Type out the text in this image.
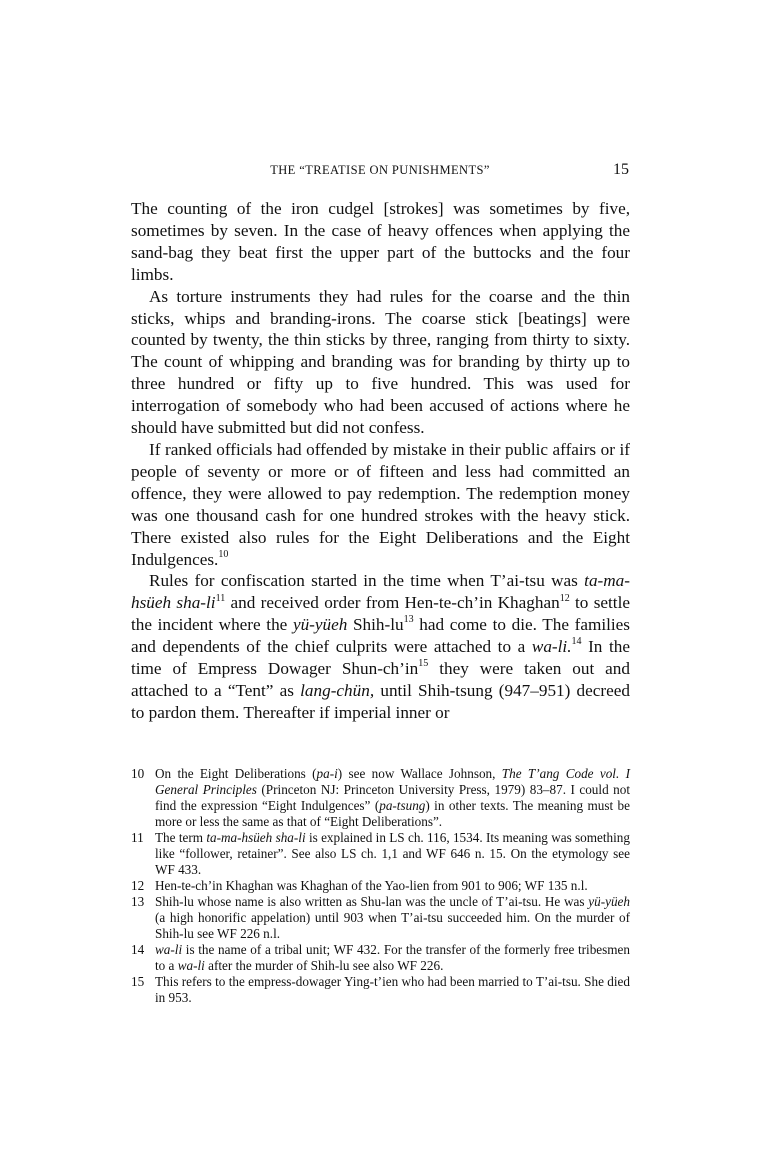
THE “TREATISE ON PUNISHMENTS”	15

The counting of the iron cudgel [strokes] was sometimes by five, sometimes by seven. In the case of heavy offences when applying the sand-bag they beat first the upper part of the buttocks and the four limbs.

As torture instruments they had rules for the coarse and the thin sticks, whips and branding-irons. The coarse stick [beatings] were counted by twenty, the thin sticks by three, ranging from thirty to sixty. The count of whipping and branding was for branding by thirty up to three hundred or fifty up to five hundred. This was used for interrogation of somebody who had been accused of actions where he should have submitted but did not confess.

If ranked officials had offended by mistake in their public affairs or if people of seventy or more or of fifteen and less had committed an offence, they were allowed to pay redemption. The redemption money was one thousand cash for one hundred strokes with the heavy stick. There existed also rules for the Eight Deliberations and the Eight Indulgences.$^{10}$

Rules for confiscation started in the time when T’ai-tsu was ta-ma-hsüeh sha-$li^{11}$ and received order from Hen-te-ch’in Khaghan$^{12}$ to settle the incident where the yü-yüeh Shih-$lu^{13}$ had come to die. The families and dependents of the chief culprits were attached to a wa-li.$^{14}$ In the time of Empress Dowager Shun-$ch’in^{15}$ they were taken out and attached to a “Tent” as lang-chün, until Shih-tsung (947–951) decreed to pardon them. Thereafter if imperial inner or

10 On the Eight Deliberations (pa-i) see now Wallace Johnson, The T’ang Code vol. I General Principles (Princeton NJ: Princeton University Press, 1979) 83–87. I could not find the expression “Eight Indulgences” (pa-tsung) in other texts. The meaning must be more or less the same as that of “Eight Deliberations”.
11 The term ta-ma-hsüeh sha-li is explained in LS ch. 116, 1534. Its meaning was something like “follower, retainer”. See also LS ch. 1,1 and WF 646 n. 15. On the etymology see WF 433.
12 Hen-te-ch’in Khaghan was Khaghan of the Yao-lien from 901 to 906; WF 135 n.l.
13 Shih-lu whose name is also written as Shu-lan was the uncle of T’ai-tsu. He was yü-yüeh (a high honorific appelation) until 903 when T’ai-tsu succeeded him. On the murder of Shih-lu see WF 226 n.l.
14 wa-li is the name of a tribal unit; WF 432. For the transfer of the formerly free tribesmen to a wa-li after the murder of Shih-lu see also WF 226.
15 This refers to the empress-dowager Ying-t’ien who had been married to T’ai-tsu. She died in 953.
